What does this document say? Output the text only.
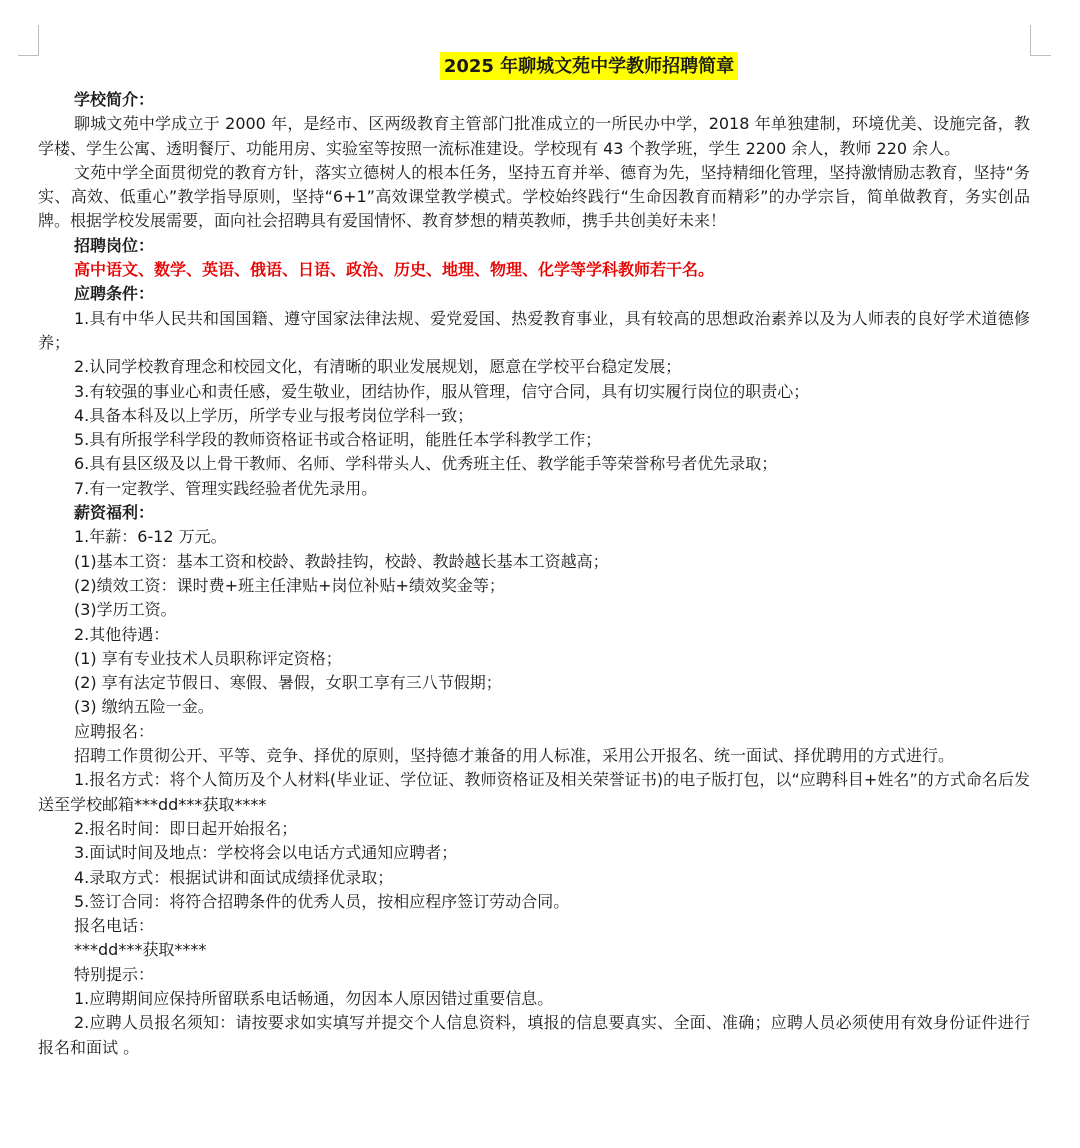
2025 年聊城文苑中学教师招聘简章
学校简介：

聊城文苑中学成立于 2000 年，是经市、区两级教育主管部门批准成立的一所民办中学，2018 年单独建制，环境优美、设施完备，教学楼、学生公寓、透明餐厅、功能用房、实验室等按照一流标准建设。学校现有 43 个教学班，学生 2200 余人，教师 220 余人。

文苑中学全面贯彻党的教育方针，落实立德树人的根本任务，坚持五育并举、德育为先，坚持精细化管理，坚持激情励志教育，坚持“务实、高效、低重心”教学指导原则，坚持“6+1”高效课堂教学模式。学校始终践行“生命因教育而精彩”的办学宗旨，简单做教育，务实创品牌。根据学校发展需要，面向社会招聘具有爱国情怀、教育梦想的精英教师，携手共创美好未来！

招聘岗位：
高中语文、数学、英语、俄语、日语、政治、历史、地理、物理、化学等学科教师若干名。
应聘条件：

1.具有中华人民共和国国籍、遵守国家法律法规、爱党爱国、热爱教育事业，具有较高的思想政治素养以及为人师表的良好学术道德修养；

2.认同学校教育理念和校园文化，有清晰的职业发展规划，愿意在学校平台稳定发展；

3.有较强的事业心和责任感，爱生敬业，团结协作，服从管理，信守合同，具有切实履行岗位的职责心；

4.具备本科及以上学历，所学专业与报考岗位学科一致；

5.具有所报学科学段的教师资格证书或合格证明，能胜任本学科教学工作；

6.具有县区级及以上骨干教师、名师、学科带头人、优秀班主任、教学能手等荣誉称号者优先录取；

7.有一定教学、管理实践经验者优先录用。

薪资福利：

1.年薪：6-12 万元。

(1)基本工资：基本工资和校龄、教龄挂钩，校龄、教龄越长基本工资越高；

(2)绩效工资：课时费+班主任津贴+岗位补贴+绩效奖金等；

(3)学历工资。

2.其他待遇：

(1) 享有专业技术人员职称评定资格；

(2) 享有法定节假日、寒假、暑假，女职工享有三八节假期；

(3) 缴纳五险一金。

应聘报名：

招聘工作贯彻公开、平等、竞争、择优的原则，坚持德才兼备的用人标准，采用公开报名、统一面试、择优聘用的方式进行。

1.报名方式：将个人简历及个人材料(毕业证、学位证、教师资格证及相关荣誉证书)的电子版打包，以“应聘科目+姓名”的方式命名后发送至学校邮箱***dd***获取****

2.报名时间：即日起开始报名；

3.面试时间及地点：学校将会以电话方式通知应聘者；

4.录取方式：根据试讲和面试成绩择优录取；

5.签订合同：将符合招聘条件的优秀人员，按相应程序签订劳动合同。

报名电话：
***dd***获取****
特别提示：

1.应聘期间应保持所留联系电话畅通，勿因本人原因错过重要信息。

2.应聘人员报名须知：请按要求如实填写并提交个人信息资料，填报的信息要真实、全面、准确；应聘人员必须使用有效身份证件进行报名和面试 。
